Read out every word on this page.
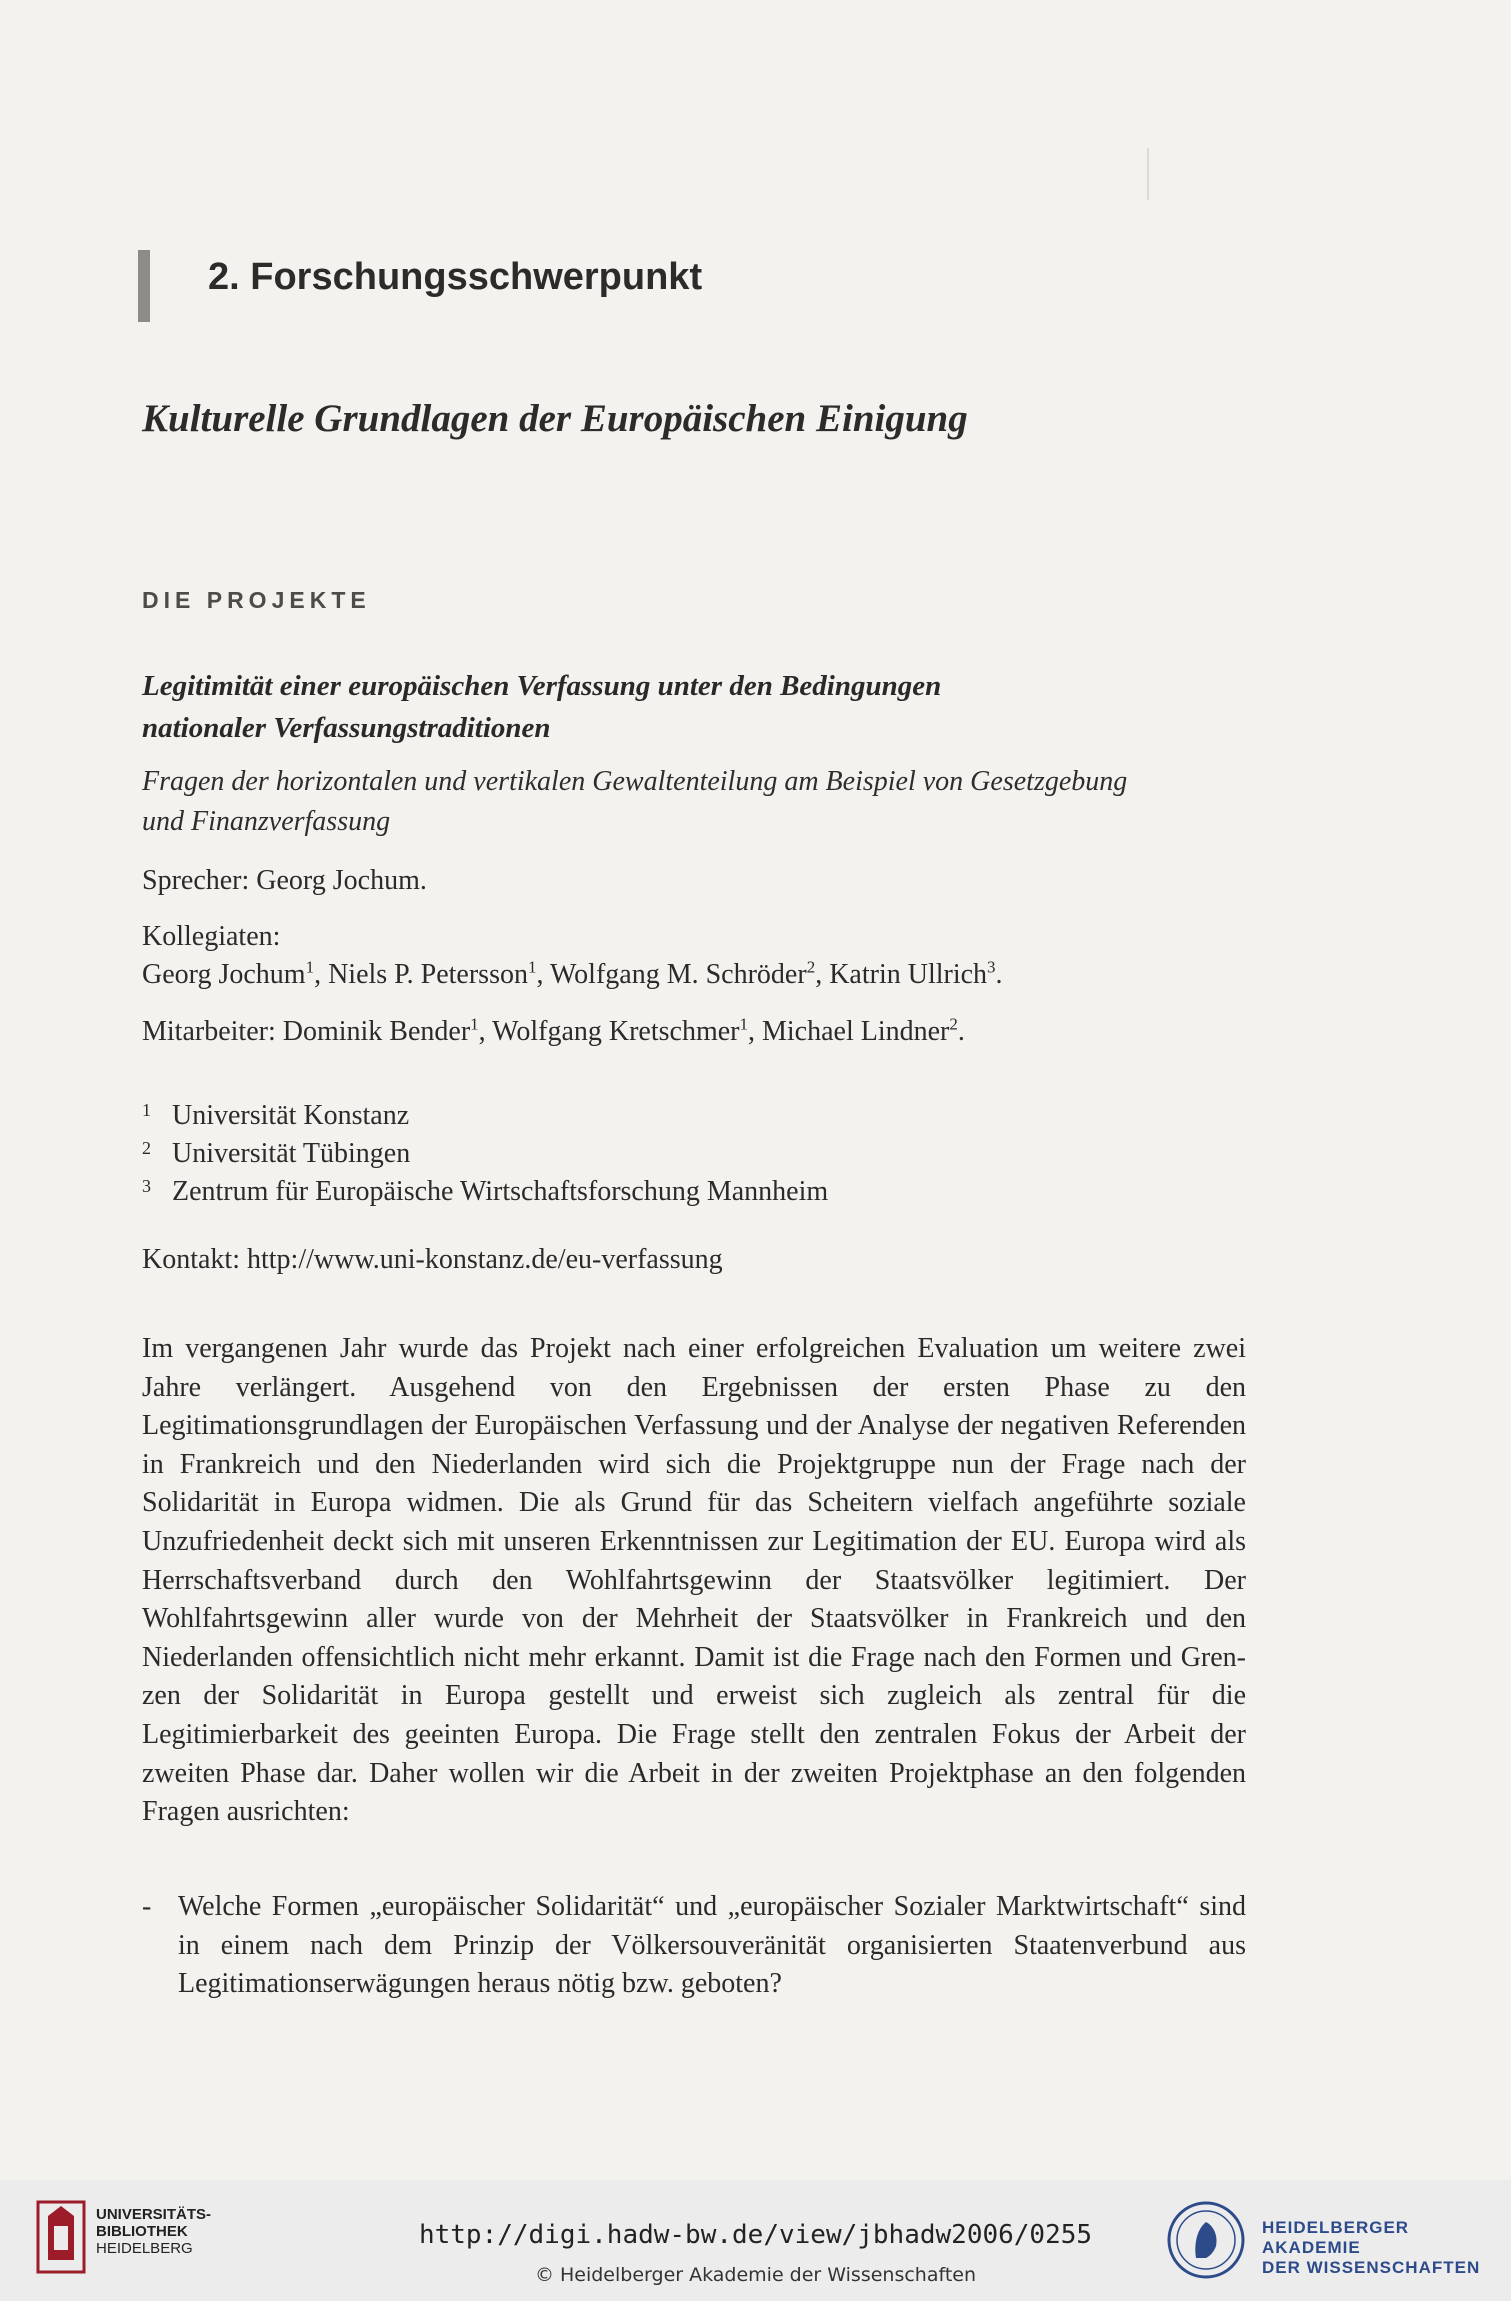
2. Forschungsschwerpunkt
Kulturelle Grundlagen der Europäischen Einigung
DIE PROJEKTE
Legitimität einer europäischen Verfassung unter den Bedingungen
nationaler Verfassungstraditionen
Fragen der horizontalen und vertikalen Gewaltenteilung am Beispiel von Gesetzgebung
und Finanzverfassung
Sprecher: Georg Jochum.
Kollegiaten:
Georg Jochum$^1$, Niels P. Petersson$^1$, Wolfgang M. Schröder$^2$, Katrin Ullrich$^3$.
Mitarbeiter: Dominik Bender$^1$, Wolfgang Kretschmer$^1$, Michael Lindner$^2$.
1 Universität Konstanz
2 Universität Tübingen
3 Zentrum für Europäische Wirtschaftsforschung Mannheim
Kontakt: http://www.uni-konstanz.de/eu-verfassung

Im vergangenen Jahr wurde das Projekt nach einer erfolgreichen Evaluation um weitere zwei Jahre verlängert. Ausgehend von den Ergebnissen der ersten Phase zu den Legitimationsgrundlagen der Europäischen Verfassung und der Analyse der negativen Referenden in Frankreich und den Niederlanden wird sich die Projektgruppe nun der Frage nach der Solidarität in Europa widmen. Die als Grund für das Scheitern vielfach angeführte soziale Unzufriedenheit deckt sich mit unseren Erkenntnissen zur Legitimation der EU. Europa wird als Herrschaftsverband durch den Wohlfahrtsgewinn der Staatsvölker legitimiert. Der Wohlfahrtsgewinn aller wurde von der Mehrheit der Staatsvölker in Frankreich und den Niederlanden offensichtlich nicht mehr erkannt. Damit ist die Frage nach den Formen und Grenzen der Solidarität in Europa gestellt und erweist sich zugleich als zentral für die Legitimierbarkeit des geeinten Europa. Die Frage stellt den zentralen Fokus der Arbeit der zweiten Phase dar. Daher wollen wir die Arbeit in der zweiten Projektphase an den folgenden Fragen ausrichten:

- Welche Formen „europäischer Solidarität“ und „europäischer Sozialer Marktwirtschaft“ sind in einem nach dem Prinzip der Völkersouveränität organisierten Staatenverbund aus Legitimationserwägungen heraus nötig bzw. geboten?
UNIVERSITÄTS-
BIBLIOTHEK
HEIDELBERG	http://digi.hadw-bw.de/view/jbhadw2006/0255
© Heidelberger Akademie der Wissenschaften
HEIDELBERGER AKADEMIE
DER WISSENSCHAFTEN
